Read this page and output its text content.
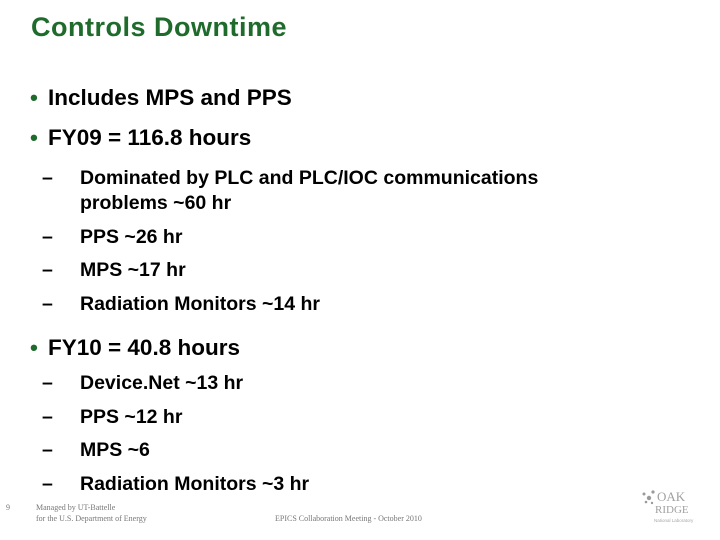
Controls Downtime
• Includes MPS and PPS
• FY09 = 116.8 hours
– Dominated by PLC and PLC/IOC communications
problems ~60 hr
– PPS ~26 hr
– MPS ~17 hr
– Radiation Monitors ~14 hr
• FY10 = 40.8 hours
– Device.Net ~13 hr
– PPS ~12 hr
– MPS ~6
– Radiation Monitors ~3 hr
9	Managed by UT-Battelle
for the U.S. Department of Energy	EPICS Collaboration Meeting - October 2010
OAK
RIDGE
National Laboratory
